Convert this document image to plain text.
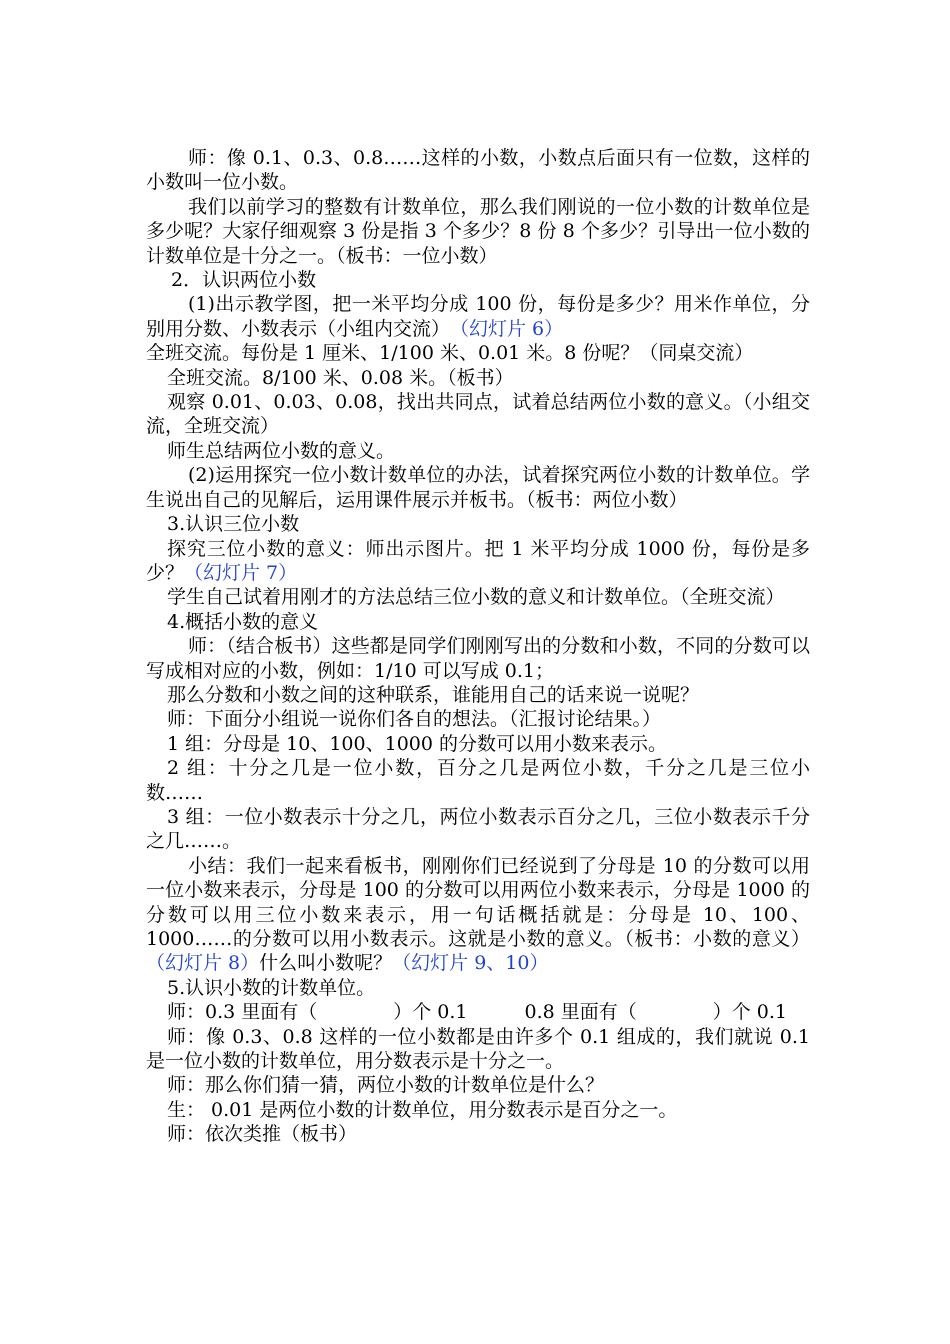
师：像 0.1、0.3、0.8……这样的小数，小数点后面只有一位数，这样的小数叫一位小数。

我们以前学习的整数有计数单位，那么我们刚说的一位小数的计数单位是多少呢？大家仔细观察 3 份是指 3 个多少？8 份 8 个多少？引导出一位小数的计数单位是十分之一。（板书：一位小数）

2．认识两位小数

(1)出示教学图，把一米平均分成 100 份，每份是多少？用米作单位，分别用分数、小数表示（小组内交流）　（幻灯片 6）

全班交流。每份是 1 厘米、1/100 米、0.01 米。8 份呢？（同桌交流）

全班交流。8/100 米、0.08 米。（板书）

观察 0.01、0.03、0.08，找出共同点，试着总结两位小数的意义。（小组交流，全班交流）

师生总结两位小数的意义。

(2)运用探究一位小数计数单位的办法，试着探究两位小数的计数单位。学生说出自己的见解后，运用课件展示并板书。（板书：两位小数）

3.认识三位小数

探究三位小数的意义：师出示图片。把 1 米平均分成 1000 份，每份是多少？（幻灯片 7）

学生自己试着用刚才的方法总结三位小数的意义和计数单位。（全班交流）

4.概括小数的意义

师：（结合板书）这些都是同学们刚刚写出的分数和小数，不同的分数可以写成相对应的小数，例如：1/10 可以写成 0.1；

那么分数和小数之间的这种联系，谁能用自己的话来说一说呢？

师：下面分小组说一说你们各自的想法。（汇报讨论结果。）

1 组：分母是 10、100、1000 的分数可以用小数来表示。

2 组：十分之几是一位小数，百分之几是两位小数，千分之几是三位小数……

3 组：一位小数表示十分之几，两位小数表示百分之几，三位小数表示千分之几……。

小结：我们一起来看板书，刚刚你们已经说到了分母是 10 的分数可以用一位小数来表示，分母是 100 的分数可以用两位小数来表示，分母是 1000 的分数可以用三位小数来表示，用一句话概括就是：分母是 10、100、1000……的分数可以用小数表示。这就是小数的意义。（板书：小数的意义）（幻灯片 8）什么叫小数呢？（幻灯片 9、10）

5.认识小数的计数单位。

师：0.3 里面有（　　　　）个 0.1　　　0.8 里面有（　　　　）个 0.1

师：像 0.3、0.8 这样的一位小数都是由许多个 0.1 组成的，我们就说 0.1 是一位小数的计数单位，用分数表示是十分之一。

师：那么你们猜一猜，两位小数的计数单位是什么？

生： 0.01 是两位小数的计数单位，用分数表示是百分之一。

师：依次类推（板书）
